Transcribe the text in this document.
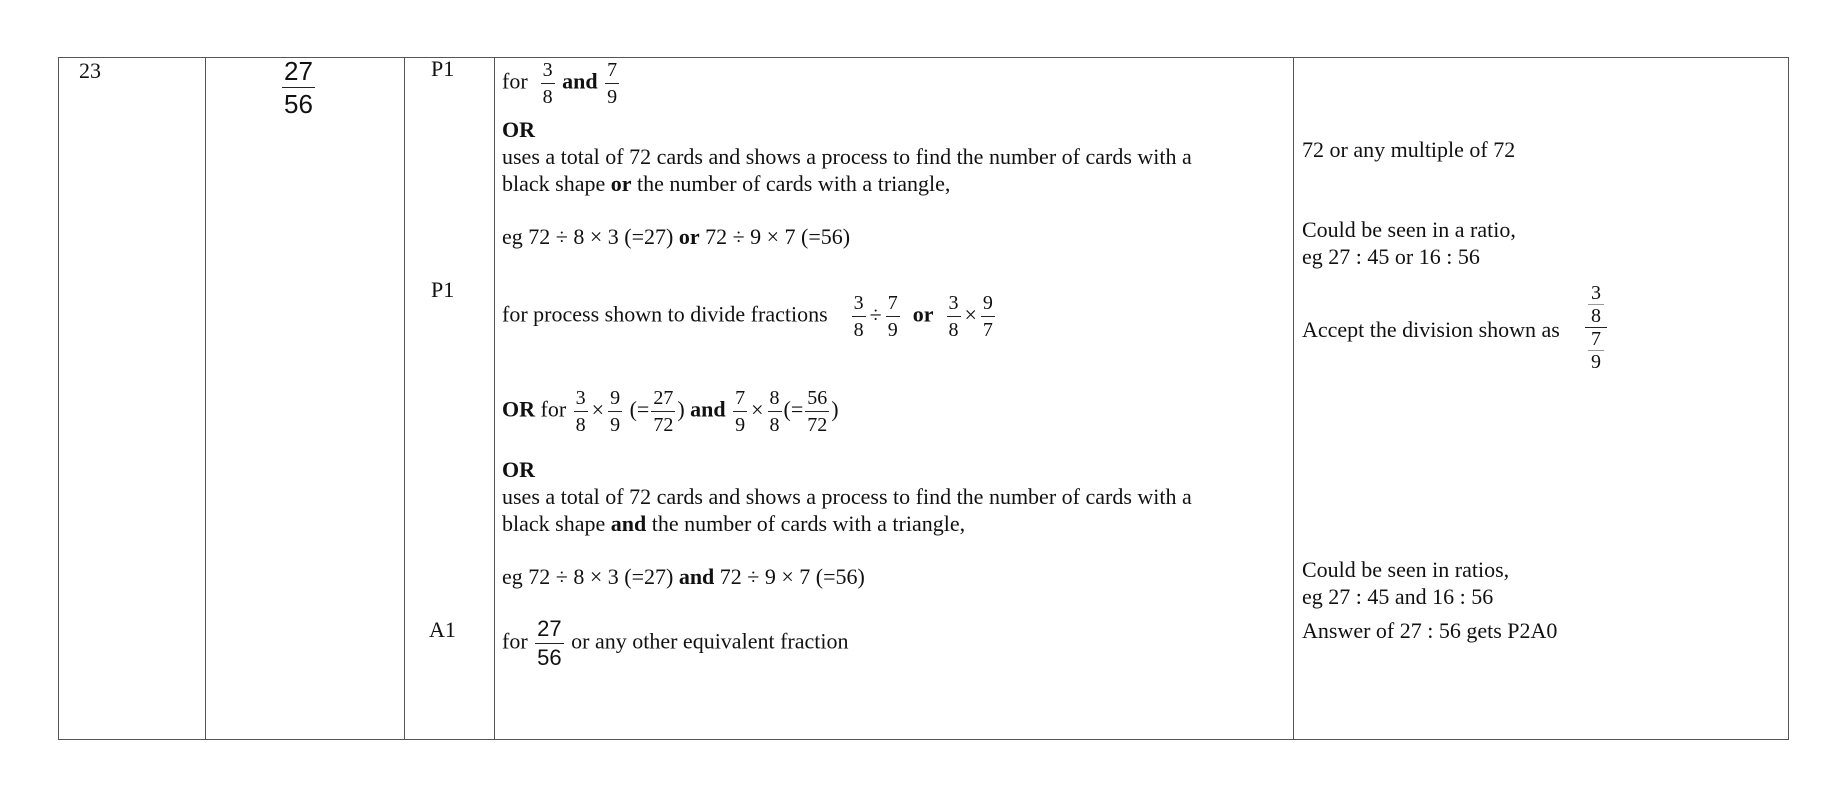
23	$\frac{27}{56}$	P1
P1
A1
for $\frac{3}{8}$ and $\frac{7}{9}$
OR
uses a total of 72 cards and shows a process to find the number of cards with a
black shape or the number of cards with a triangle,
eg 72 ÷ 8 × 3 (=27) or 72 ÷ 9 × 7 (=56)
for process shown to divide fractions $\frac{3}{8} \div \frac{7}{9}$ or $\frac{3}{8} \times \frac{9}{7}$
OR for $\frac{3}{8} \times \frac{9}{9}$ (= $\frac{27}{72}$ ) and $\frac{7}{9} \times \frac{8}{8}$ (= $\frac{56}{72}$ )
OR
uses a total of 72 cards and shows a process to find the number of cards with a
black shape and the number of cards with a triangle,
eg 72 ÷ 8 × 3 (=27) and 72 ÷ 9 × 7 (=56)
for $\frac{27}{56}$ or any other equivalent fraction
72 or any multiple of 72
Could be seen in a ratio,
eg 27 : 45 or 16 : 56
Accept the division shown as
3
8
7
9
Could be seen in ratios,
eg 27 : 45 and 16 : 56
Answer of 27 : 56 gets P2A0
